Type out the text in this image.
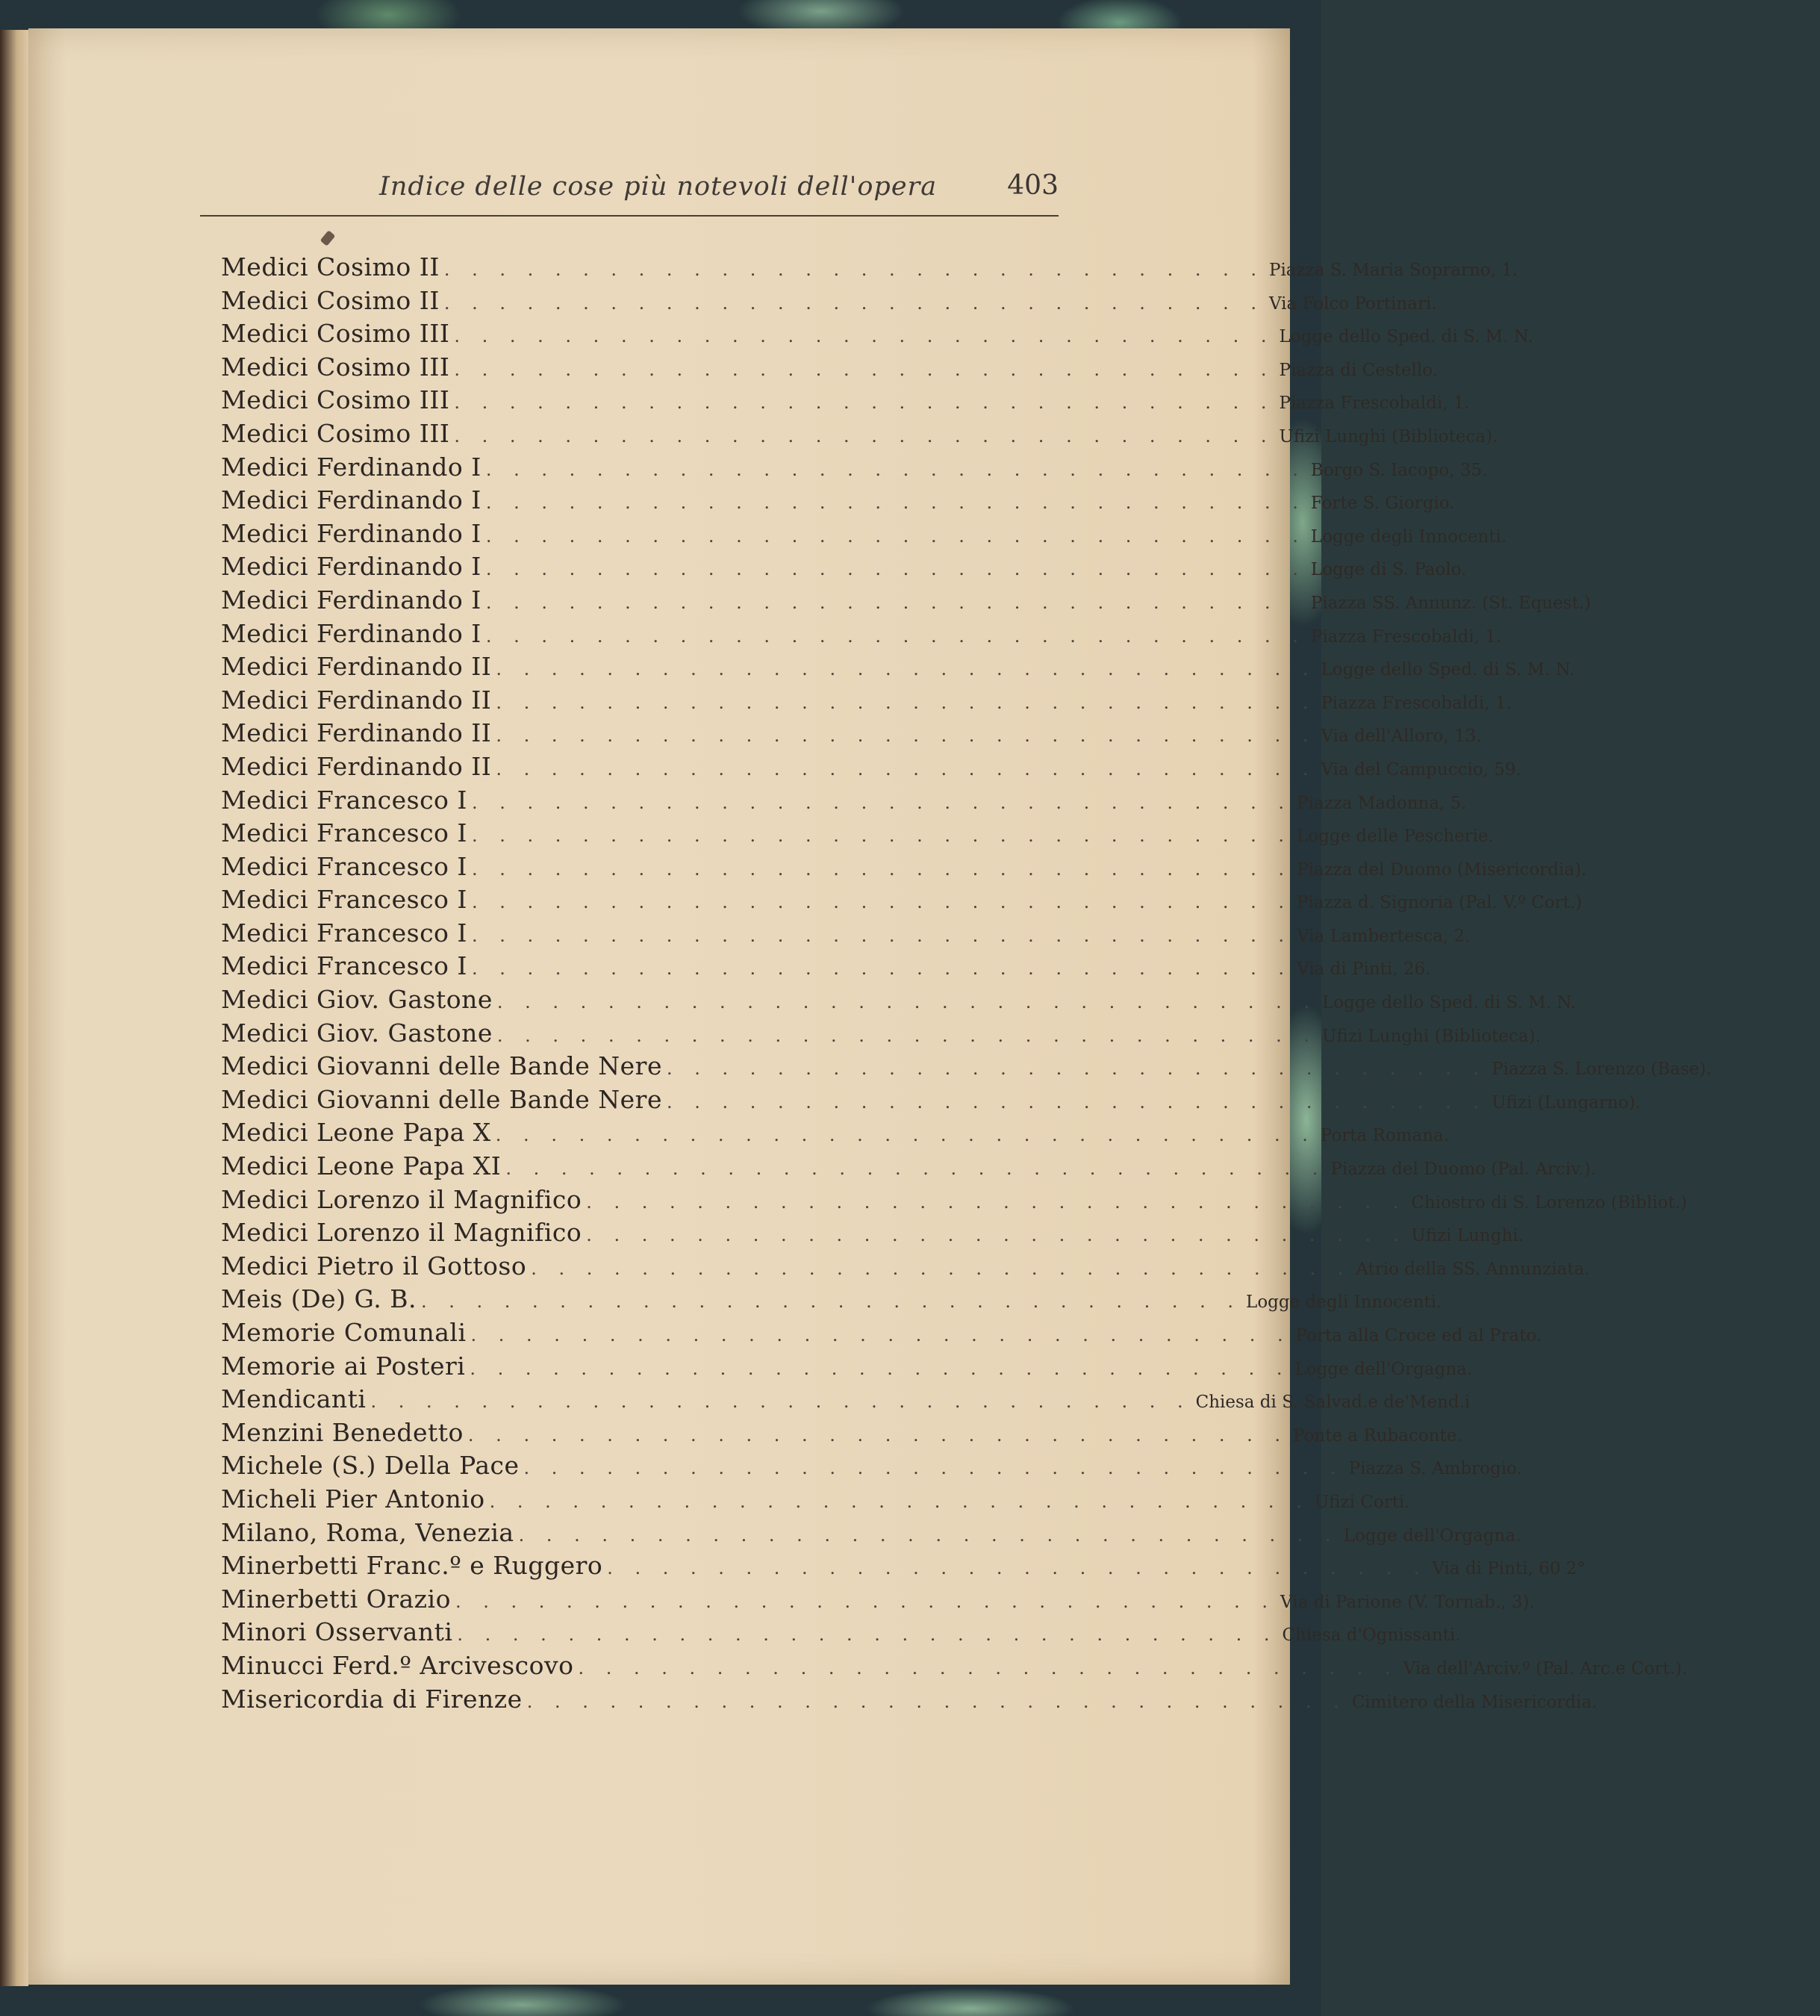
Indice delle cose più notevoli dell'opera	403
Medici Cosimo II . . . . . . . . . . . . . . . . . . . . . . . . . . . . . . Piazza S. Maria Soprarno, 1.
Medici Cosimo II . . . . . . . . . . . . . . . . . . . . . . . . . . . . . . Via Folco Portinari.
Medici Cosimo III . . . . . . . . . . . . . . . . . . . . . . . . . . . . . . Logge dello Sped. di S. M. N.
Medici Cosimo III . . . . . . . . . . . . . . . . . . . . . . . . . . . . . . Piazza di Cestello.
Medici Cosimo III . . . . . . . . . . . . . . . . . . . . . . . . . . . . . . Piazza Frescobaldi, 1.
Medici Cosimo III . . . . . . . . . . . . . . . . . . . . . . . . . . . . . . Ufizi Lunghi (Biblioteca).
Medici Ferdinando I . . . . . . . . . . . . . . . . . . . . . . . . . . . . . . Borgo S. Iacopo, 35.
Medici Ferdinando I . . . . . . . . . . . . . . . . . . . . . . . . . . . . . . Forte S. Giorgio.
Medici Ferdinando I . . . . . . . . . . . . . . . . . . . . . . . . . . . . . . Logge degli Innocenti.
Medici Ferdinando I . . . . . . . . . . . . . . . . . . . . . . . . . . . . . . Logge di S. Paolo.
Medici Ferdinando I . . . . . . . . . . . . . . . . . . . . . . . . . . . . . . Piazza SS. Annunz. (St. Equest.)
Medici Ferdinando I . . . . . . . . . . . . . . . . . . . . . . . . . . . . . . Piazza Frescobaldi, 1.
Medici Ferdinando II . . . . . . . . . . . . . . . . . . . . . . . . . . . . . . Logge dello Sped. di S. M. N.
Medici Ferdinando II . . . . . . . . . . . . . . . . . . . . . . . . . . . . . . Piazza Frescobaldi, 1.
Medici Ferdinando II . . . . . . . . . . . . . . . . . . . . . . . . . . . . . . Via dell'Alloro, 13.
Medici Ferdinando II . . . . . . . . . . . . . . . . . . . . . . . . . . . . . . Via del Campuccio, 59.
Medici Francesco I . . . . . . . . . . . . . . . . . . . . . . . . . . . . . . Piazza Madonna, 5.
Medici Francesco I . . . . . . . . . . . . . . . . . . . . . . . . . . . . . . Logge delle Pescherie.
Medici Francesco I . . . . . . . . . . . . . . . . . . . . . . . . . . . . . . Piazza del Duomo (Misericordia).
Medici Francesco I . . . . . . . . . . . . . . . . . . . . . . . . . . . . . . Piazza d. Signoria (Pal. V.º Cort.)
Medici Francesco I . . . . . . . . . . . . . . . . . . . . . . . . . . . . . . Via Lambertesca, 2.
Medici Francesco I . . . . . . . . . . . . . . . . . . . . . . . . . . . . . . Via di Pinti, 26.
Medici Giov. Gastone . . . . . . . . . . . . . . . . . . . . . . . . . . . . . . Logge dello Sped. di S. M. N.
Medici Giov. Gastone . . . . . . . . . . . . . . . . . . . . . . . . . . . . . . Ufizi Lunghi (Biblioteca).
Medici Giovanni delle Bande Nere . . . . . . . . . . . . . . . . . . . . . . . . . . . . . . Piazza S. Lorenzo (Base).
Medici Giovanni delle Bande Nere . . . . . . . . . . . . . . . . . . . . . . . . . . . . . . Ufizi (Lungarno).
Medici Leone Papa X . . . . . . . . . . . . . . . . . . . . . . . . . . . . . . Porta Romana.
Medici Leone Papa XI . . . . . . . . . . . . . . . . . . . . . . . . . . . . . . Piazza del Duomo (Pal. Arciv.).
Medici Lorenzo il Magnifico . . . . . . . . . . . . . . . . . . . . . . . . . . . . . . Chiostro di S. Lorenzo (Bibliot.)
Medici Lorenzo il Magnifico . . . . . . . . . . . . . . . . . . . . . . . . . . . . . . Ufizi Lunghi.
Medici Pietro il Gottoso . . . . . . . . . . . . . . . . . . . . . . . . . . . . . . Atrio della SS. Annunziata.
Meis (De) G. B. . . . . . . . . . . . . . . . . . . . . . . . . . . . . . . Logge degli Innocenti.
Memorie Comunali . . . . . . . . . . . . . . . . . . . . . . . . . . . . . . Porta alla Croce ed al Prato.
Memorie ai Posteri . . . . . . . . . . . . . . . . . . . . . . . . . . . . . . Logge dell'Orgagna.
Mendicanti . . . . . . . . . . . . . . . . . . . . . . . . . . . . . . Chiesa di S. Salvad.e de'Mend.i
Menzini Benedetto . . . . . . . . . . . . . . . . . . . . . . . . . . . . . . Ponte a Rubaconte.
Michele (S.) Della Pace . . . . . . . . . . . . . . . . . . . . . . . . . . . . . . Piazza S. Ambrogio.
Micheli Pier Antonio . . . . . . . . . . . . . . . . . . . . . . . . . . . . . . Ufizi Corti.
Milano, Roma, Venezia . . . . . . . . . . . . . . . . . . . . . . . . . . . . . . Logge dell'Orgagna.
Minerbetti Franc.º e Ruggero . . . . . . . . . . . . . . . . . . . . . . . . . . . . . . Via di Pinti, 60 2°
Minerbetti Orazio . . . . . . . . . . . . . . . . . . . . . . . . . . . . . . Via di Parione (V. Tornab., 3).
Minori Osservanti . . . . . . . . . . . . . . . . . . . . . . . . . . . . . . Chiesa d'Ognissanti.
Minucci Ferd.º Arcivescovo . . . . . . . . . . . . . . . . . . . . . . . . . . . . . . Via dell'Arciv.º (Pal. Arc.e Cort.).
Misericordia di Firenze . . . . . . . . . . . . . . . . . . . . . . . . . . . . . . Cimitero della Misericordia.
